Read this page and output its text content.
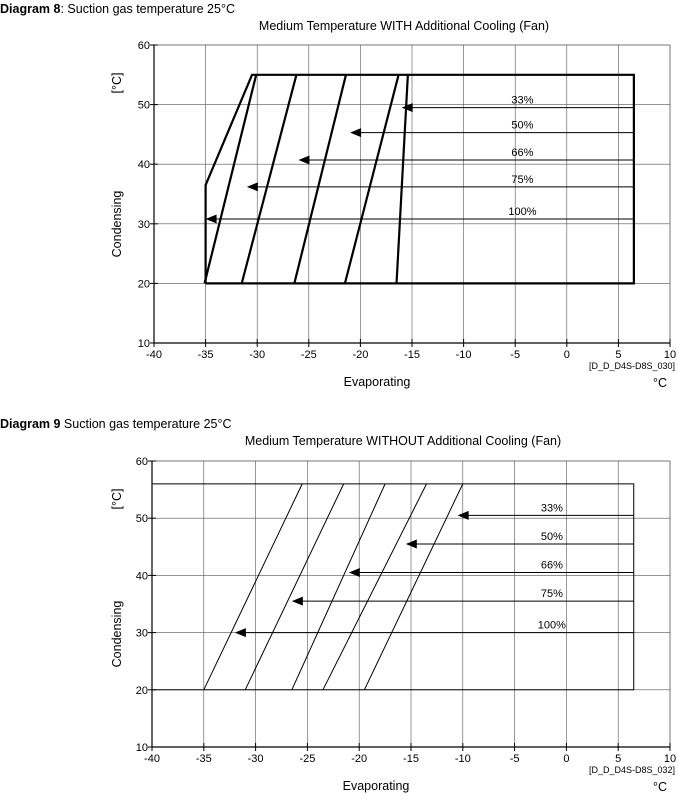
Diagram 8: Suction gas temperature 25°C
Medium Temperature WITH Additional Cooling (Fan)
-40	-35	-30	-25	-20	-15	-10	-5	0	5	10
10
20
30
40
50
60
Condensing
[°C]
Evaporating	°C
[D_D_D4S-D8S_030]
100%
75%
66%
50%
33%
Diagram 9 Suction gas temperature 25°C
Medium Temperature WITHOUT Additional Cooling (Fan)
-40	-35	-30	-25	-20	-15	-10	-5	0	5	10
10
20
30
40
50
60
Condensing
[°C]
Evaporating	°C
[D_D_D4S-D8S_032]
100%
75%
66%
50%
33%
